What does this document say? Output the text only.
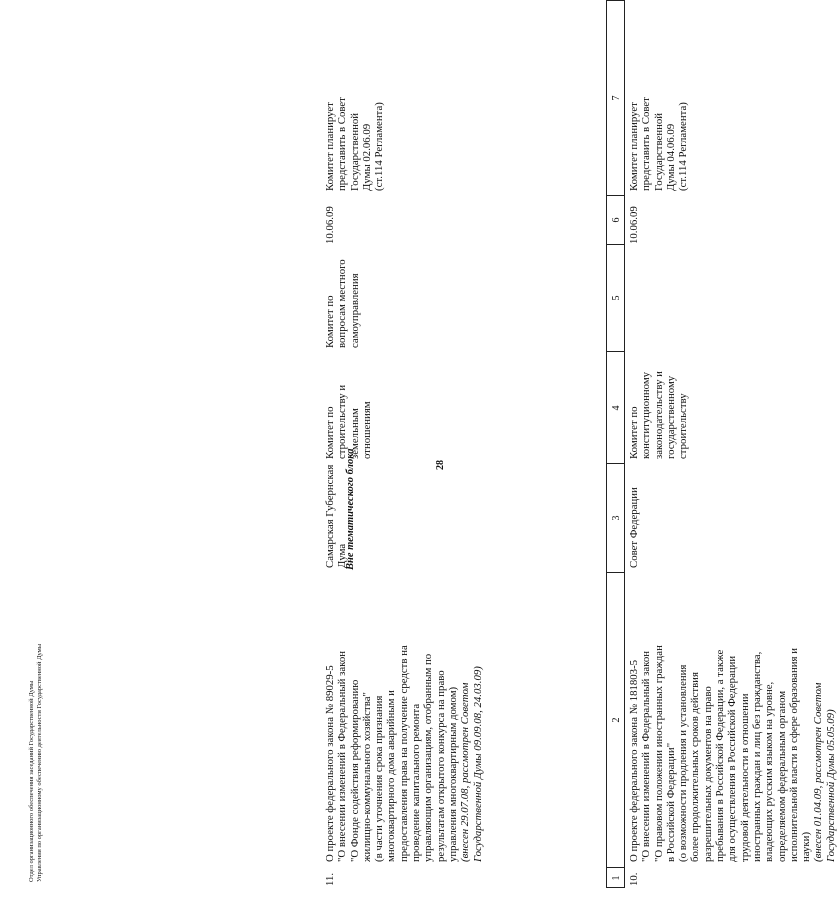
28
1
2
3
4
5
6
7
10.
О проекте федерального закона № 181803-5 "О внесении изменений в Федеральный закон "О правовом положении иностранных граждан в Российской Федерации" (о возможности продления и установления более продолжительных сроков действия разрешительных документов на право пребывания в Российской Федерации, а также для осуществления в Российской Федерации трудовой деятельности в отношении иностранных граждан и лиц без гражданства, владеющих русским языком на уровне, определяемом федеральным органом исполнительной власти в сфере образования и науки) (внесен 01.04.09, рассмотрен Советом Государственной Думы 05.05.09)
Совет Федерации
Комитет по конституционному законодательству и государственному строительству
10.06.09
Комитет планирует представить в Совет Государственной Думы 04.06.09 (ст.114 Регламента)
Вне тематического блока
11.
О проекте федерального закона № 89029-5 "О внесении изменений в Федеральный закон "О Фонде содействия реформированию жилищно-коммунального хозяйства" (в части уточнения срока признания многоквартирного дома аварийным и предоставления права на получение средств на проведение капитального ремонта управляющим организациям, отобранным по результатам открытого конкурса на право управления многоквартирным домом) (внесен 29.07.08, рассмотрен Советом Государственной Думы 09.09.08, 24.03.09)
Самарская Губернская Дума
Комитет по строительству и земельным отношениям
Комитет по вопросам местного самоуправления
10.06.09
Комитет планирует представить в Совет Государственной Думы 02.06.09 (ст.114 Регламента)
Отдел организационного обеспечения заседаний Государственной Думы Управления по организационному обеспечению деятельности Государственной Думы
